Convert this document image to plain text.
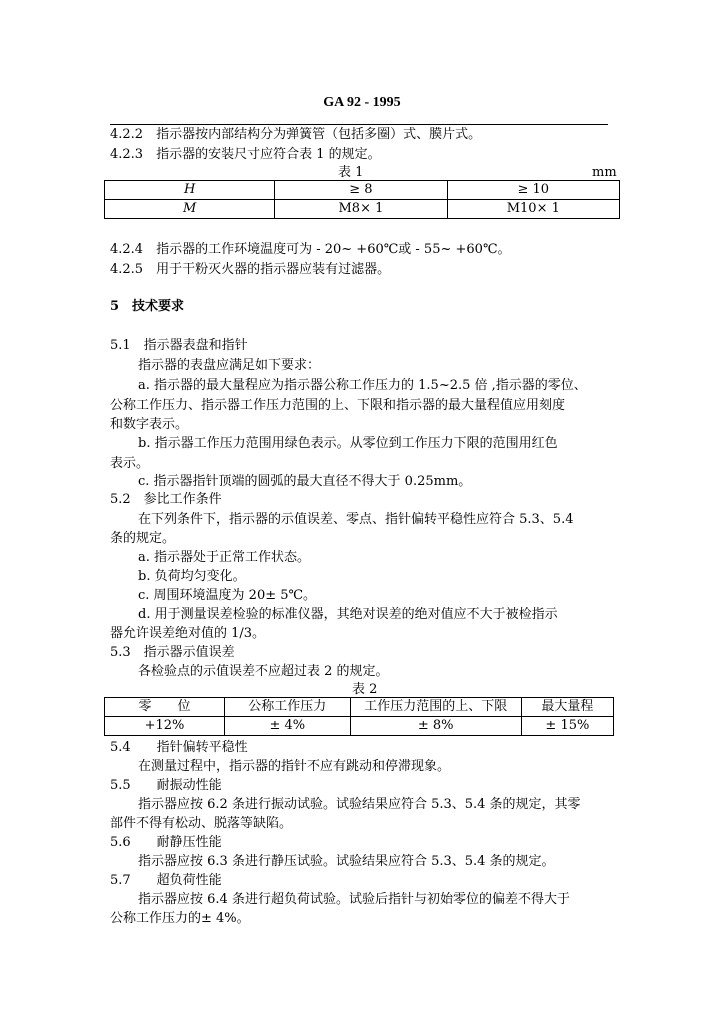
GA 92 - 1995
4.2.2　指示器按内部结构分为弹簧管（包括多圈）式、膜片式。
4.2.3　指示器的安装尺寸应符合表 1 的规定。
表 1	mm
H	≥ 8	≥ 10
M	M8× 1	M10× 1
4.2.4　指示器的工作环境温度可为 - 20~ +60℃或 - 55~ +60℃。
4.2.5　用于干粉灭火器的指示器应装有过滤器。
5　技术要求
5.1　指示器表盘和指针
指示器的表盘应满足如下要求：
a. 指示器的最大量程应为指示器公称工作压力的 1.5~2.5 倍 ,指示器的零位、
公称工作压力、指示器工作压力范围的上、下限和指示器的最大量程值应用刻度
和数字表示。
b. 指示器工作压力范围用绿色表示。从零位到工作压力下限的范围用红色
表示。
c. 指示器指针顶端的圆弧的最大直径不得大于 0.25mm。
5.2　参比工作条件
在下列条件下，指示器的示值误差、零点、指针偏转平稳性应符合 5.3、5.4
条的规定。
a. 指示器处于正常工作状态。
b. 负荷均匀变化。
c. 周围环境温度为 20± 5℃。
d. 用于测量误差检验的标准仪器，其绝对误差的绝对值应不大于被检指示
器允许误差绝对值的 1/3。
5.3　指示器示值误差
各检验点的示值误差不应超过表 2 的规定。
表 2
零　　位	公称工作压力	工作压力范围的上、下限	最大量程
+12%	± 4%	± 8%	± 15%
5.4　　指针偏转平稳性
在测量过程中，指示器的指针不应有跳动和停滞现象。
5.5　　耐振动性能
指示器应按 6.2 条进行振动试验。试验结果应符合 5.3、5.4 条的规定，其零
部件不得有松动、脱落等缺陷。
5.6　　耐静压性能
指示器应按 6.3 条进行静压试验。试验结果应符合 5.3、5.4 条的规定。
5.7　　超负荷性能
指示器应按 6.4 条进行超负荷试验。试验后指针与初始零位的偏差不得大于
公称工作压力的± 4%。
